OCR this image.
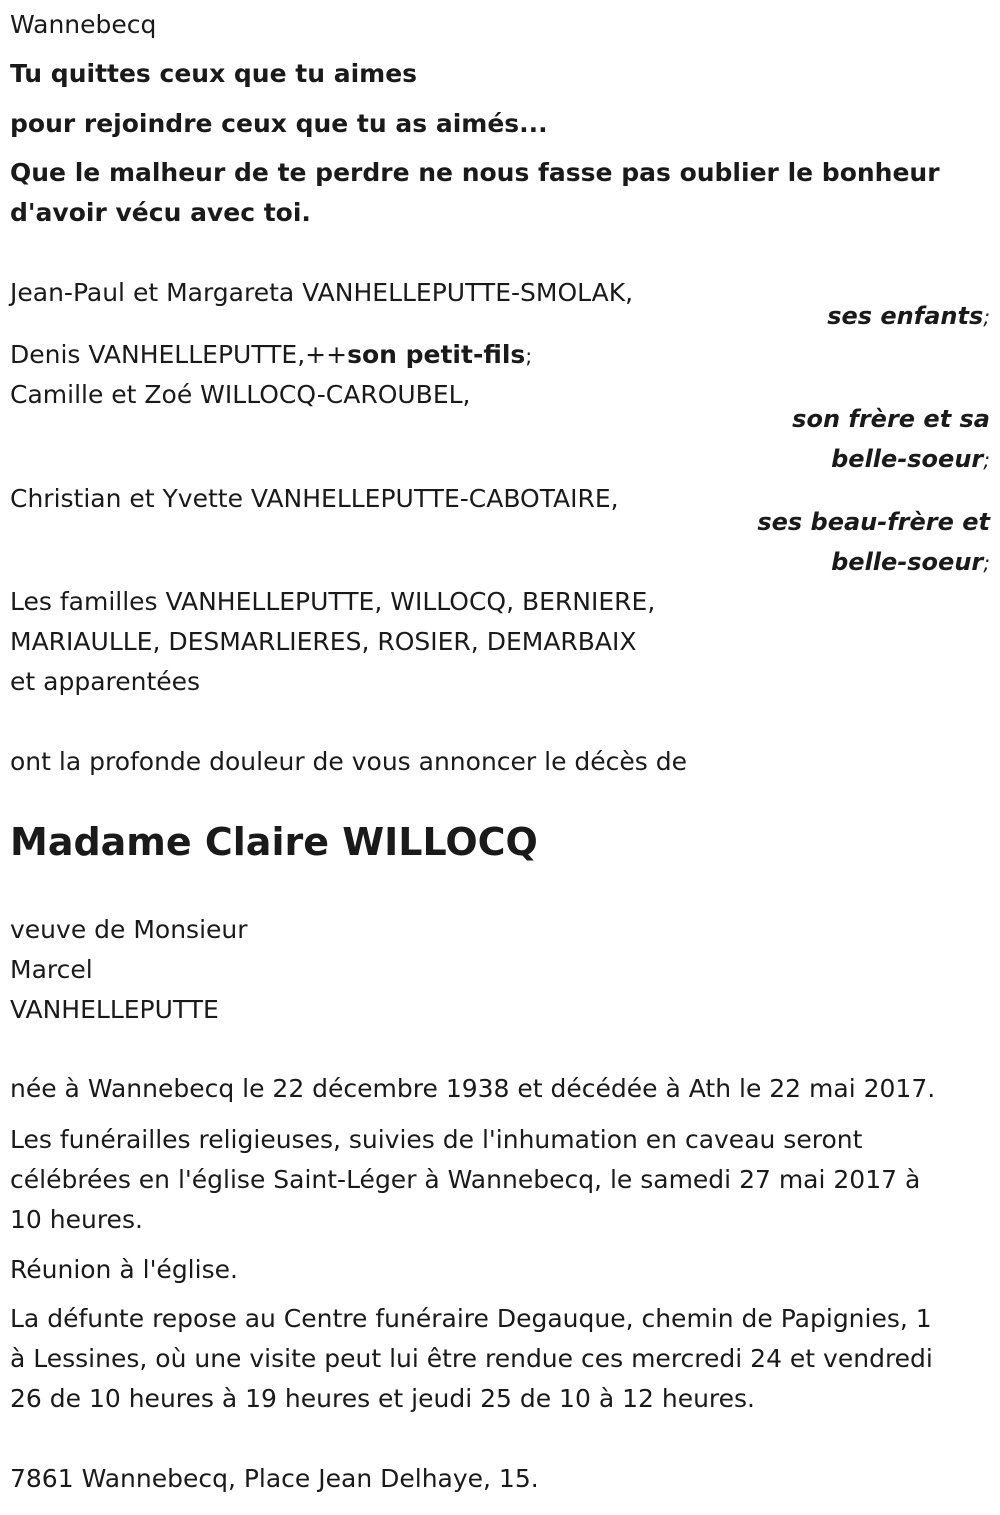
Wannebecq
Tu quittes ceux que tu aimes
pour rejoindre ceux que tu as aimés...
Que le malheur de te perdre ne nous fasse pas oublier le bonheur
d'avoir vécu avec toi.
Jean-Paul et Margareta VANHELLEPUTTE-SMOLAK,
ses enfants;
Denis VANHELLEPUTTE,++son petit-fils;
Camille et Zoé WILLOCQ-CAROUBEL,
son frère et sa
belle-soeur;
Christian et Yvette VANHELLEPUTTE-CABOTAIRE,
ses beau-frère et
belle-soeur;
Les familles VANHELLEPUTTE, WILLOCQ, BERNIERE,
MARIAULLE, DESMARLIERES, ROSIER, DEMARBAIX
et apparentées
ont la profonde douleur de vous annoncer le décès de
Madame Claire WILLOCQ
veuve de Monsieur
Marcel
VANHELLEPUTTE
née à Wannebecq le 22 décembre 1938 et décédée à Ath le 22 mai 2017.
Les funérailles religieuses, suivies de l'inhumation en caveau seront
célébrées en l'église Saint-Léger à Wannebecq, le samedi 27 mai 2017 à
10 heures.
Réunion à l'église.
La défunte repose au Centre funéraire Degauque, chemin de Papignies, 1
à Lessines, où une visite peut lui être rendue ces mercredi 24 et vendredi
26 de 10 heures à 19 heures et jeudi 25 de 10 à 12 heures.
7861 Wannebecq, Place Jean Delhaye, 15.
